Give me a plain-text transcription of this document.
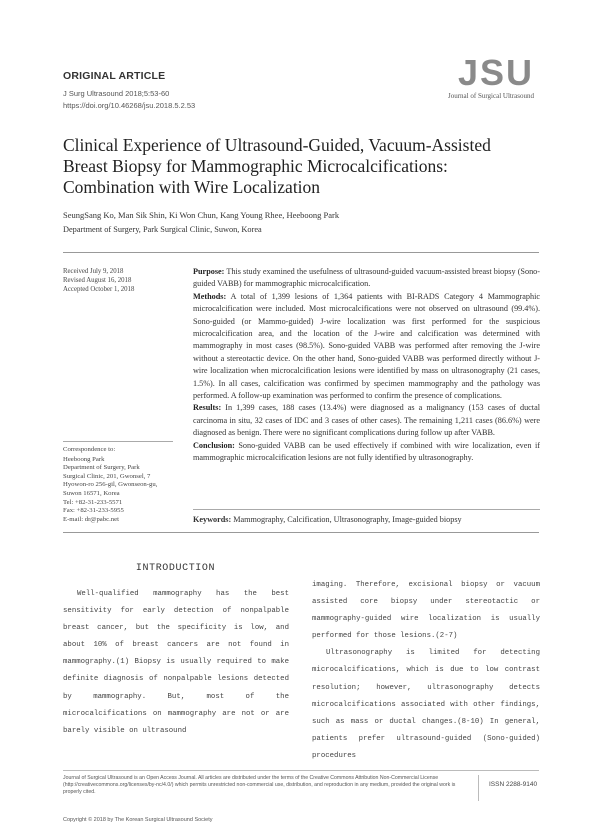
ORIGINAL ARTICLE
J Surg Ultrasound 2018;5:53-60
https://doi.org/10.46268/jsu.2018.5.2.53
JSU
Journal of Surgical Ultrasound
Clinical Experience of Ultrasound-Guided, Vacuum-Assisted
Breast Biopsy for Mammographic Microcalcifications:
Combination with Wire Localization
SeungSang Ko, Man Sik Shin, Ki Won Chun, Kang Young Rhee, Heeboong Park
Department of Surgery, Park Surgical Clinic, Suwon, Korea
Received July 9, 2018
Revised August 16, 2018
Accepted October 1, 2018
Correspondence to:
Heeboong Park
Department of Surgery, Park
Surgical Clinic, 201, Gwonsel, 7
Hyowon-ro 256-gil, Gwonseon-gu,
Suwon 16571, Korea
Tel: +82-31-233-5571
Fax: +82-31-233-5955
E-mail: dr@pabc.net

Purpose: This study examined the usefulness of ultrasound-guided vacuum-assisted breast biopsy (Sono-guided VABB) for mammographic microcalcification.

Methods: A total of 1,399 lesions of 1,364 patients with BI-RADS Category 4 Mammographic microcalcification were included. Most microcalcifications were not observed on ultrasound (99.4%). Sono-guided (or Mammo-guided) J-wire localization was first performed for the suspicious microcalcification area, and the location of the J-wire and calcification was determined with mammography in most cases (98.5%). Sono-guided VABB was performed after removing the J-wire without a stereotactic device. On the other hand, Sono-guided VABB was performed directly without J-wire localization when microcalcification lesions were identified by mass on ultrasonography (21 cases, 1.5%). In all cases, calcification was confirmed by specimen mammography and the pathology was performed. A follow-up examination was performed to confirm the presence of complications.

Results: In 1,399 cases, 188 cases (13.4%) were diagnosed as a malignancy (153 cases of ductal carcinoma in situ, 32 cases of IDC and 3 cases of other cases). The remaining 1,211 cases (86.6%) were diagnosed as benign. There were no significant complications during follow up after VABB.

Conclusion: Sono-guided VABB can be used effectively if combined with wire localization, even if mammographic microcalcification lesions are not fully identified by ultrasonography.

Keywords: Mammography, Calcification, Ultrasonography, Image-guided biopsy
INTRODUCTION

Well-qualified mammography has the best sensitivity for early detection of nonpalpable breast cancer, but the specificity is low, and about 10% of breast cancers are not found in mammography.(1) Biopsy is usually required to make definite diagnosis of nonpalpable lesions detected by mammography. But, most of the microcalcifications on mammography are not or are barely visible on ultrasound

imaging. Therefore, excisional biopsy or vacuum assisted core biopsy under stereotactic or mammography-guided wire localization is usually performed for those lesions.(2-7)

Ultrasonography is limited for detecting microcalcifications, which is due to low contrast resolution; however, ultrasonography detects microcalcifications associated with other findings, such as mass or ductal changes.(8-10) In general, patients prefer ultrasound-guided (Sono-guided) procedures

Journal of Surgical Ultrasound is an Open Access Journal. All articles are distributed under the terms of the Creative Commons Attribution Non-Commercial License (http://creativecommons.org/licenses/by-nc/4.0/) which permits unrestricted non-commercial use, distribution, and reproduction in any medium, provided the original work is properly cited.
ISSN 2288-9140
Copyright © 2018 by The Korean Surgical Ultrasound Society
